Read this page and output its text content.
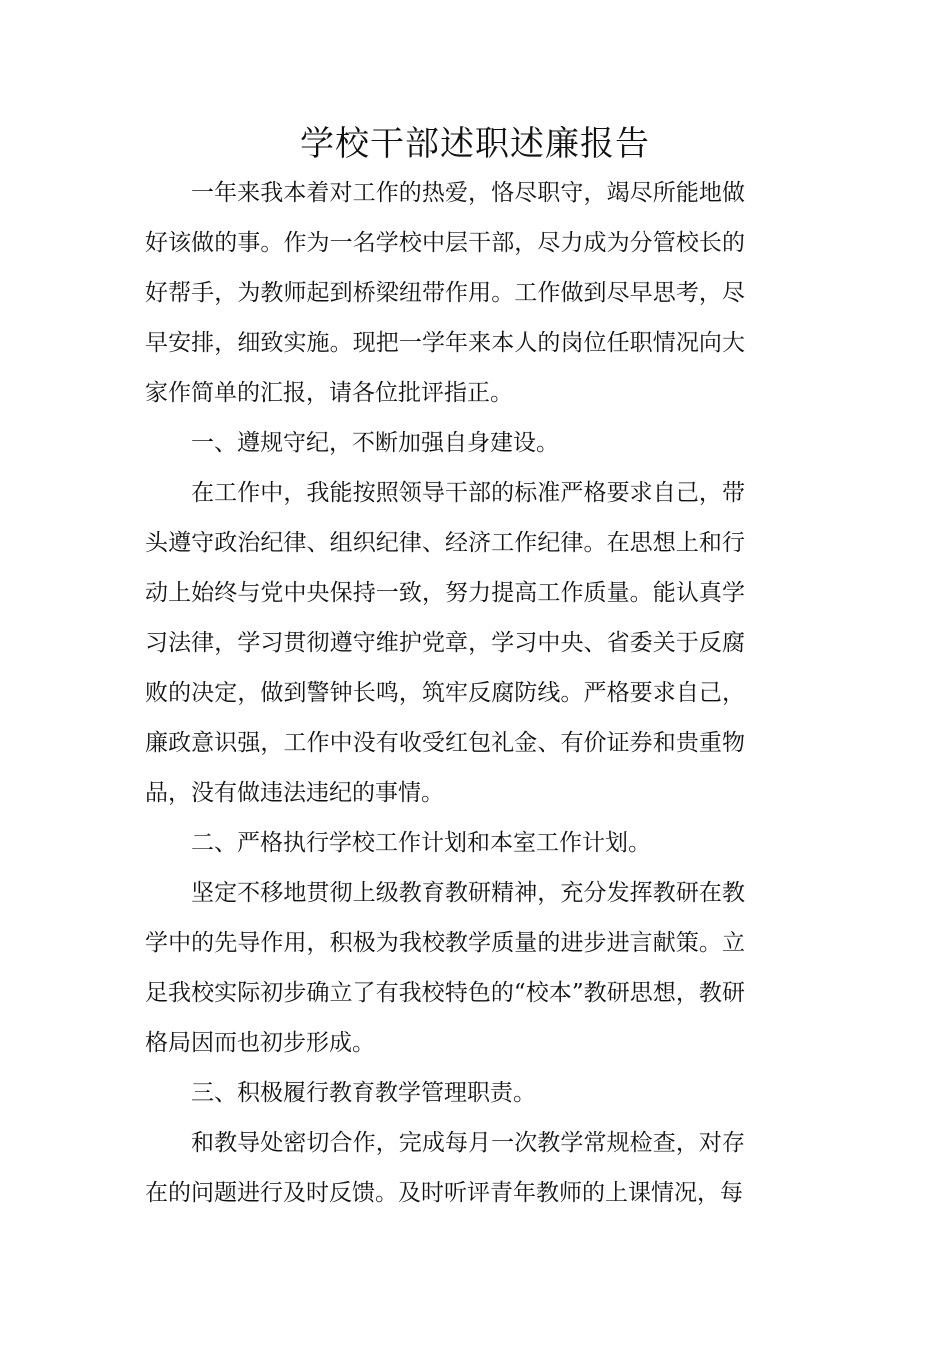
学校干部述职述廉报告

一年来我本着对工作的热爱，恪尽职守，竭尽所能地做好该做的事。作为一名学校中层干部，尽力成为分管校长的好帮手，为教师起到桥梁纽带作用。工作做到尽早思考，尽早安排，细致实施。现把一学年来本人的岗位任职情况向大家作简单的汇报，请各位批评指正。

一、遵规守纪，不断加强自身建设。

在工作中，我能按照领导干部的标准严格要求自己，带头遵守政治纪律、组织纪律、经济工作纪律。在思想上和行动上始终与党中央保持一致，努力提高工作质量。能认真学习法律，学习贯彻遵守维护党章，学习中央、省委关于反腐败的决定，做到警钟长鸣，筑牢反腐防线。严格要求自己，廉政意识强，工作中没有收受红包礼金、有价证券和贵重物品，没有做违法违纪的事情。

二、严格执行学校工作计划和本室工作计划。

坚定不移地贯彻上级教育教研精神，充分发挥教研在教学中的先导作用，积极为我校教学质量的进步进言献策。立足我校实际初步确立了有我校特色的“校本”教研思想，教研格局因而也初步形成。

三、积极履行教育教学管理职责。

和教导处密切合作，完成每月一次教学常规检查，对存在的问题进行及时反馈。及时听评青年教师的上课情况，每
